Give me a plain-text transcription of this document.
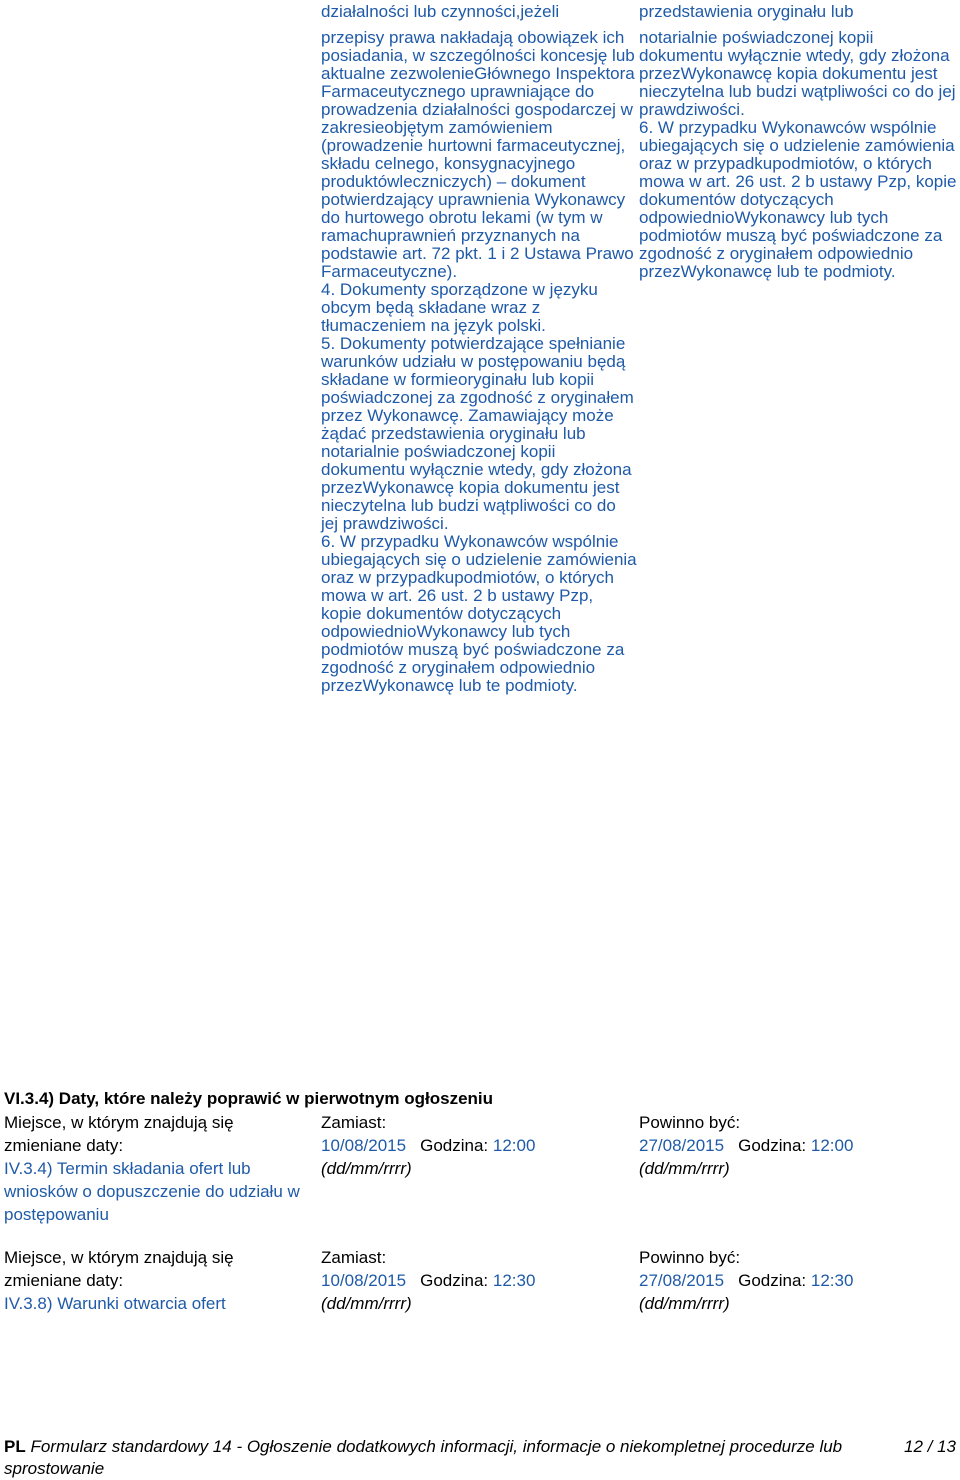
działalności lub czynności,jeżeli

przepisy prawa nakładają obowiązek ich posiadania, w szczególności koncesję lub aktualne zezwolenieGłównego Inspektora Farmaceutycznego uprawniające do prowadzenia działalności gospodarczej w zakresieobjętym zamówieniem (prowadzenie hurtowni farmaceutycznej, składu celnego, konsygnacyjnego produktówleczniczych) – dokument potwierdzający uprawnienia Wykonawcy do hurtowego obrotu lekami (w tym w ramachuprawnień przyznanych na podstawie art. 72 pkt. 1 i 2 Ustawa Prawo Farmaceutyczne).

4. Dokumenty sporządzone w języku obcym będą składane wraz z tłumaczeniem na język polski.

5. Dokumenty potwierdzające spełnianie warunków udziału w postępowaniu będą składane w formieoryginału lub kopii poświadczonej za zgodność z oryginałem przez Wykonawcę. Zamawiający może żądać przedstawienia oryginału lub notarialnie poświadczonej kopii dokumentu wyłącznie wtedy, gdy złożona przezWykonawcę kopia dokumentu jest nieczytelna lub budzi wątpliwości co do jej prawdziwości.

6. W przypadku Wykonawców wspólnie ubiegających się o udzielenie zamówienia oraz w przypadkupodmiotów, o których mowa w art. 26 ust. 2 b ustawy Pzp, kopie dokumentów dotyczących odpowiednioWykonawcy lub tych podmiotów muszą być poświadczone za zgodność z oryginałem odpowiednio przezWykonawcę lub te podmioty.

przedstawienia oryginału lub

notarialnie poświadczonej kopii dokumentu wyłącznie wtedy, gdy złożona przezWykonawcę kopia dokumentu jest nieczytelna lub budzi wątpliwości co do jej prawdziwości.

6. W przypadku Wykonawców wspólnie ubiegających się o udzielenie zamówienia oraz w przypadkupodmiotów, o których mowa w art. 26 ust. 2 b ustawy Pzp, kopie dokumentów dotyczących odpowiednioWykonawcy lub tych podmiotów muszą być poświadczone za zgodność z oryginałem odpowiednio przezWykonawcę lub te podmioty.

VI.3.4) Daty, które należy poprawić w pierwotnym ogłoszeniu
Miejsce, w którym znajdują się
zmieniane daty:
IV.3.4) Termin składania ofert lub wniosków o dopuszczenie do udziału w postępowaniu
Zamiast:
10/08/2015 Godzina: 12:00
(dd/mm/rrrr)
Powinno być:
27/08/2015 Godzina: 12:00
(dd/mm/rrrr)
Miejsce, w którym znajdują się
zmieniane daty:
IV.3.8) Warunki otwarcia ofert
Zamiast:
10/08/2015 Godzina: 12:30
(dd/mm/rrrr)
Powinno być:
27/08/2015 Godzina: 12:30
(dd/mm/rrrr)
PL Formularz standardowy 14 - Ogłoszenie dodatkowych informacji, informacje o niekompletnej procedurze lub sprostowanie
12 / 13
